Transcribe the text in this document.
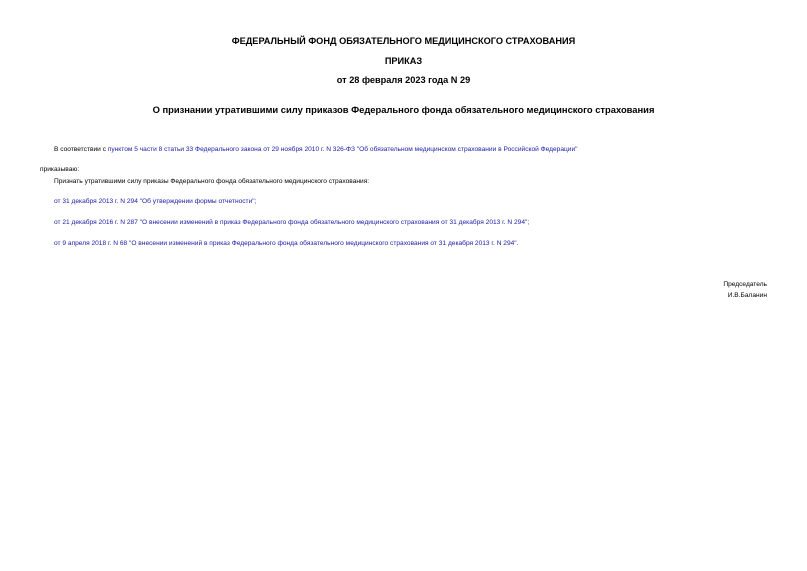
ФЕДЕРАЛЬНЫЙ ФОНД ОБЯЗАТЕЛЬНОГО МЕДИЦИНСКОГО СТРАХОВАНИЯ
ПРИКАЗ
от 28 февраля 2023 года N 29
О признании утратившими силу приказов Федерального фонда обязательного медицинского страхования
В соответствии с пунктом 5 части 8 статьи 33 Федерального закона от 29 ноября 2010 г. N 326-ФЗ "Об обязательном медицинском страховании в Российской Федерации"
приказываю:
Признать утратившими силу приказы Федерального фонда обязательного медицинского страхования:
от 31 декабря 2013 г. N 294 "Об утверждении формы отчетности";
от 21 декабря 2016 г. N 287 "О внесении изменений в приказ Федерального фонда обязательного медицинского страхования от 31 декабря 2013 г. N 294";
от 9 апреля 2018 г. N 68 "О внесении изменений в приказ Федерального фонда обязательного медицинского страхования от 31 декабря 2013 г. N 294".
Председатель
И.В.Баланин
